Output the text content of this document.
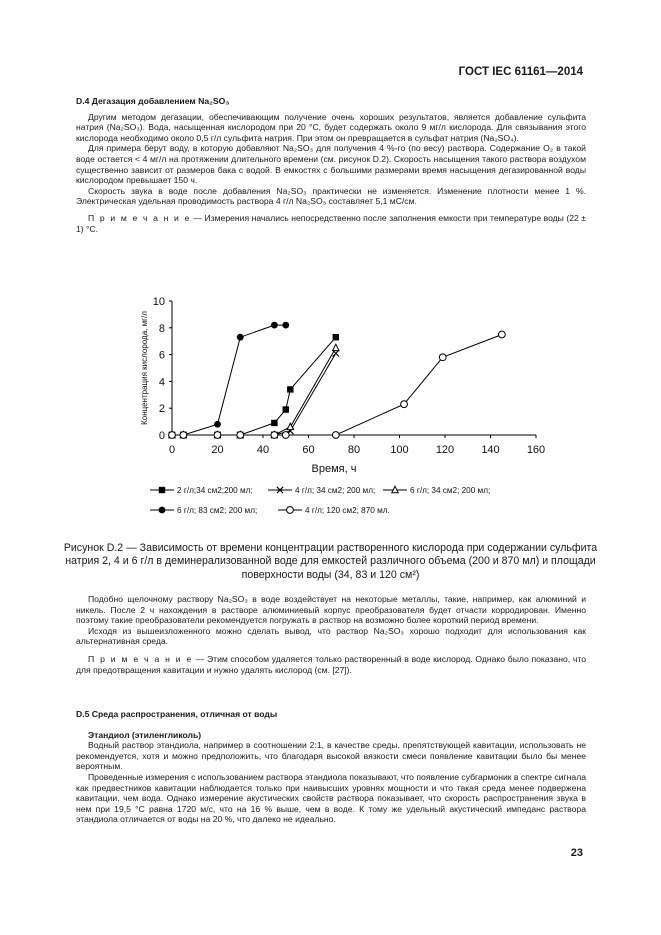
ГОСТ IEC 61161—2014

D.4 Дегазация добавлением Na₂SO₃

Другим методом дегазации, обеспечивающим получение очень хороших результатов, является добавление сульфита натрия (Na₂SO₃). Вода, насыщенная кислородом при 20 °С, будет содержать около 9 мг/л кислорода. Для связывания этого кислорода необходимо около 0,5 г/л сульфита натрия. При этом он превращается в сульфат натрия (Na₂SO₄).

Для примера берут воду, в которую добавляют Na₂SO₃ для получения 4 %-го (по весу) раствора. Содержание O₂ в такой воде остается < 4 мг/л на протяжении длительного времени (см. рисунок D.2). Скорость насыщения такого раствора воздухом существенно зависит от размеров бака с водой. В емкостях с большими размерами время насыщения дегазированной воды кислородом превышает 150 ч.

Скорость звука в воде после добавления Na₂SO₃ практически не изменяется. Изменение плотности менее 1 %. Электрическая удельная проводимость раствора 4 г/л Na₂SO₃ составляет 5,1 мС/см.

П р и м е ч а н и е — Измерения начались непосредственно после заполнения емкости при температуре воды (22 ± 1) °С.

0
2
4
6
8
10
0	20	40	60	80	100 120 140 160
Время, ч
Концентрация кислорода, мг/л
2 г/л;34 см2;200 мл;	4 г/л; 34 см2; 200 мл;	6 г/л; 34 см2; 200 мл;
6 г/л; 83 см2; 200 мл;	4 г/л; 120 см2; 870 мл.
Рисунок D.2 — Зависимость от времени концентрации растворенного кислорода при содержании сульфита натрия 2, 4 и 6 г/л в деминерализованной воде для емкостей различного объема (200 и 870 мл) и площади поверхности воды (34, 83 и 120 см²)

Подобно щелочному раствору Na₂SO₃ в воде воздействует на некоторые металлы, такие, например, как алюминий и никель. После 2 ч нахождения в растворе алюминиевый корпус преобразователя будет отчасти корродирован. Именно поэтому такие преобразователи рекомендуется погружать в раствор на возможно более короткий период времени.

Исходя из вышеизложенного можно сделать вывод, что раствор Na₂SO₃ хорошо подходит для использования как альтернативная среда.

П р и м е ч а н и е — Этим способом удаляется только растворенный в воде кислород. Однако было показано, что для предотвращения кавитации и нужно удалять кислород (см. [27]).

D.5 Среда распространения, отличная от воды

Этандиол (этиленгликоль)

Водный раствор этандиола, например в соотношении 2:1, в качестве среды, препятствующей кавитации, использовать не рекомендуется, хотя и можно предположить, что благодаря высокой вязкости смеси появление кавитации было бы менее вероятным.

Проведенные измерения с использованием раствора этандиола показывают, что появление субгармоник в спектре сигнала как предвестников кавитации наблюдается только при наивысших уровнях мощности и что такая среда менее подвержена кавитации, чем вода. Однако измерение акустических свойств раствора показывает, что скорость распространения звука в нем при 19,5 °С равна 1720 м/с, что на 16 % выше, чем в воде. К тому же удельный акустический импеданс раствора этандиола отличается от воды на 20 %, что далеко не идеально.

23
